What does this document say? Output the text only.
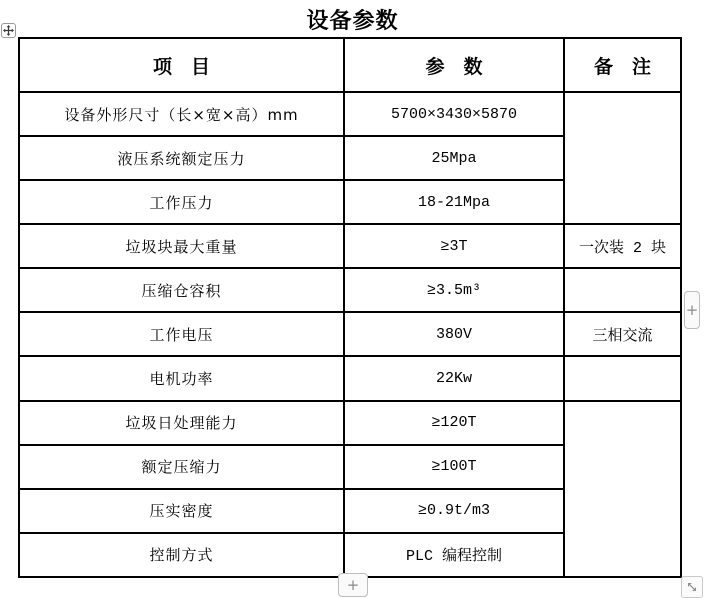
设备参数
项　目	参　数	备　注
设备外形尺寸（长×宽×高）mm	5700×3430×5870	
液压系统额定压力	25Mpa	
工作压力	18-21Mpa	
垃圾块最大重量	≥3T	一次装 2 块
压缩仓容积	≥3.5m³	
工作电压	380V	三相交流
电机功率	22Kw	
垃圾日处理能力	≥120T	
额定压缩力	≥100T	
压实密度	≥0.9t/m3	
控制方式	PLC 编程控制	
+
+
